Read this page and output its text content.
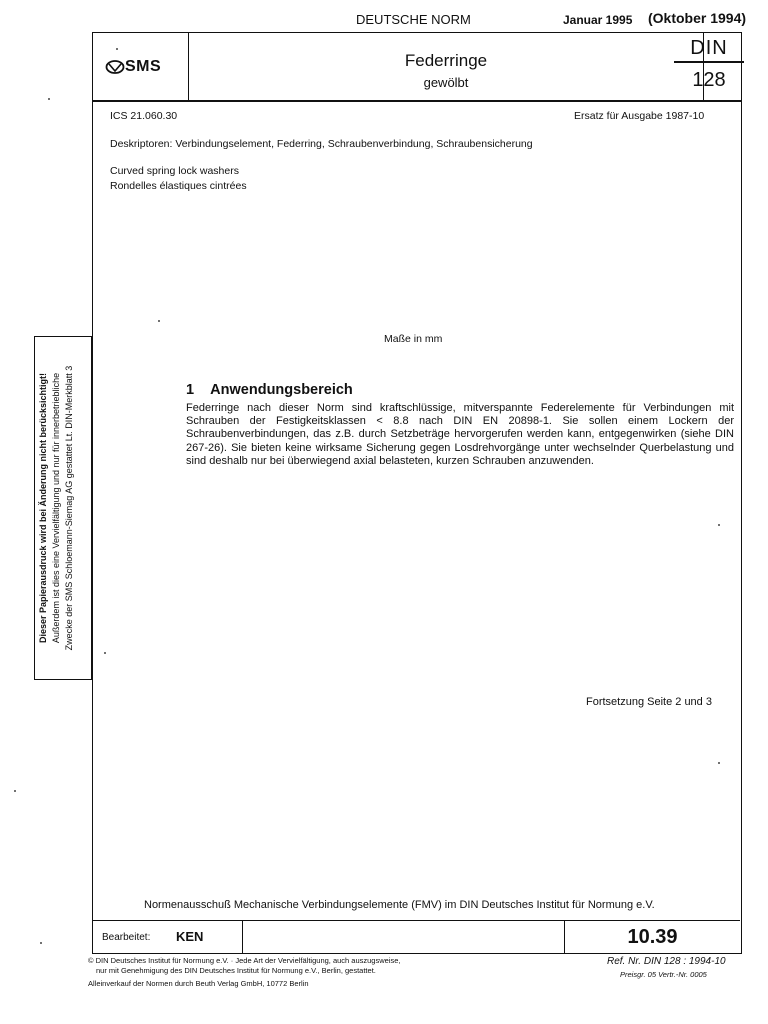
DEUTSCHE NORM	Januar 1995 (Oktober 1994)
SMS	Federringe
gewölbt
DIN
128
ICS 21.060.30	Ersatz für Ausgabe 1987-10
Deskriptoren: Verbindungselement, Federring, Schraubenverbindung, Schraubensicherung
Curved spring lock washers
Rondelles élastiques cintrées
Maße in mm
1    Anwendungsbereich
Federringe nach dieser Norm sind kraftschlüssige, mitverspannte Federelemente für Verbindungen mit Schrauben der Festigkeitsklassen < 8.8 nach DIN EN 20898-1. Sie sollen einem Lockern der Schraubenverbindungen, das z.B. durch Setzbeträge hervorgerufen werden kann, entgegenwirken (siehe DIN 267-26). Sie bieten keine wirksame Sicherung gegen Losdrehvorgänge unter wechselnder Querbelastung und sind deshalb nur bei überwiegend axial belasteten, kurzen Schrauben anzuwenden.
Fortsetzung Seite 2 und 3
Normenausschuß Mechanische Verbindungselemente (FMV) im DIN Deutsches Institut für Normung e.V.
Bearbeitet: KEN	10.39
© DIN Deutsches Institut für Normung e.V. · Jede Art der Vervielfältigung, auch auszugsweise,
nur mit Genehmigung des DIN Deutsches Institut für Normung e.V., Berlin, gestattet.
Alleinverkauf der Normen durch Beuth Verlag GmbH, 10772 Berlin
Ref. Nr. DIN 128 : 1994-10
Preisgr. 05 Vertr.-Nr. 0005
Dieser Papierausdruck wird bei Änderung nicht berücksichtigt! Außerdem ist dies eine Vervielfältigung und nur für innerbetriebliche Zwecke der SMS Schloemann-Siemag AG gestattet Lt. DIN-Merkblatt 3
